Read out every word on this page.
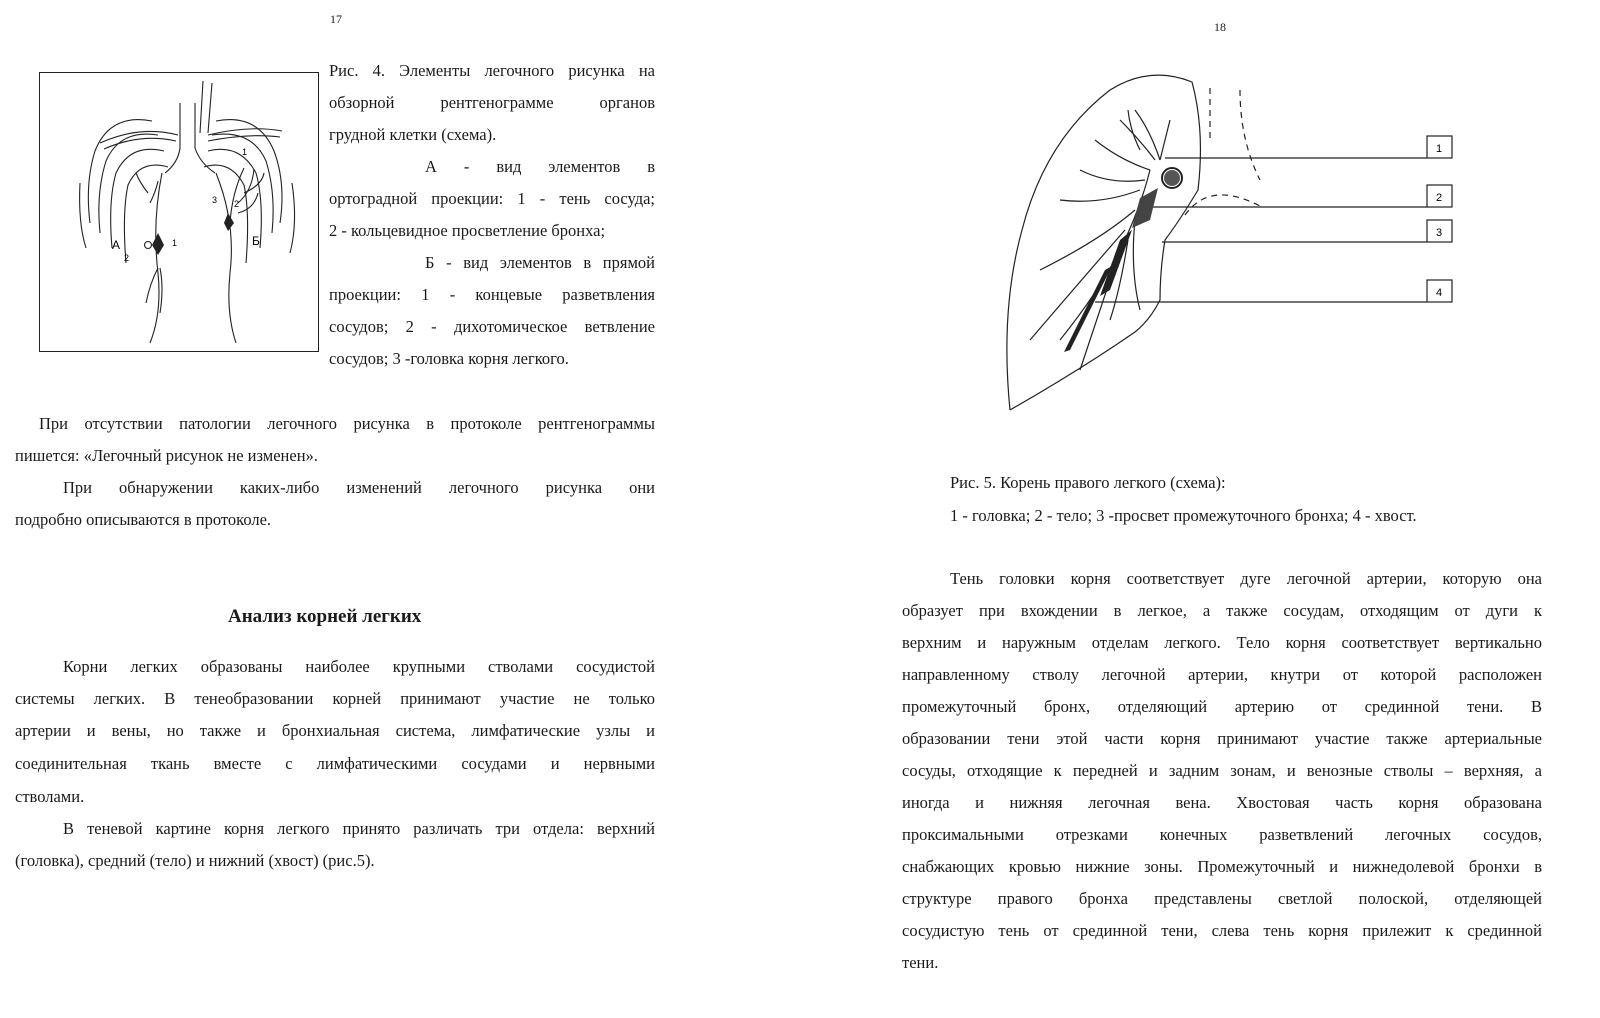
17
А	Б
1
2
1
2
3
Рис. 4. Элементы легочного рисунка на
обзорной рентгенограмме органов
грудной клетки (схема).
А - вид элементов в
ортоградной проекции: 1 - тень сосуда;
2 - кольцевидное просветление бронха;
Б - вид элементов в прямой
проекции: 1 - концевые разветвления
сосудов; 2 - дихотомическое ветвление
сосудов; 3 -головка корня легкого.
При отсутствии патологии легочного рисунка в протоколе рентгенограммы
пишется: «Легочный рисунок не изменен».
При обнаружении каких-либо изменений легочного рисунка они
подробно описываются в протоколе.
Анализ корней легких
Корни легких образованы наиболее крупными стволами сосудистой
системы легких. В тенеобразовании корней принимают участие не только
артерии и вены, но также и бронхиальная система, лимфатические узлы и
соединительная ткань вместе с лимфатическими сосудами и нервными
стволами.
В теневой картине корня легкого принято различать три отдела: верхний
(головка), средний (тело) и нижний (хвост) (рис.5).
18
1
2
3
4
Рис. 5. Корень правого легкого (схема):
1 - головка; 2 - тело; 3 -просвет промежуточного бронха; 4 - хвост.
Тень головки корня соответствует дуге легочной артерии, которую она
образует при вхождении в легкое, а также сосудам, отходящим от дуги к
верхним и наружным отделам легкого. Тело корня соответствует вертикально
направленному стволу легочной артерии, кнутри от которой расположен
промежуточный бронх, отделяющий артерию от срединной тени. В
образовании тени этой части корня принимают участие также артериальные
сосуды, отходящие к передней и задним зонам, и венозные стволы – верхняя, а
иногда и нижняя легочная вена. Хвостовая часть корня образована
проксимальными отрезками конечных разветвлений легочных сосудов,
снабжающих кровью нижние зоны. Промежуточный и нижнедолевой бронхи в
структуре правого бронха представлены светлой полоской, отделяющей
сосудистую тень от срединной тени, слева тень корня прилежит к срединной
тени.
